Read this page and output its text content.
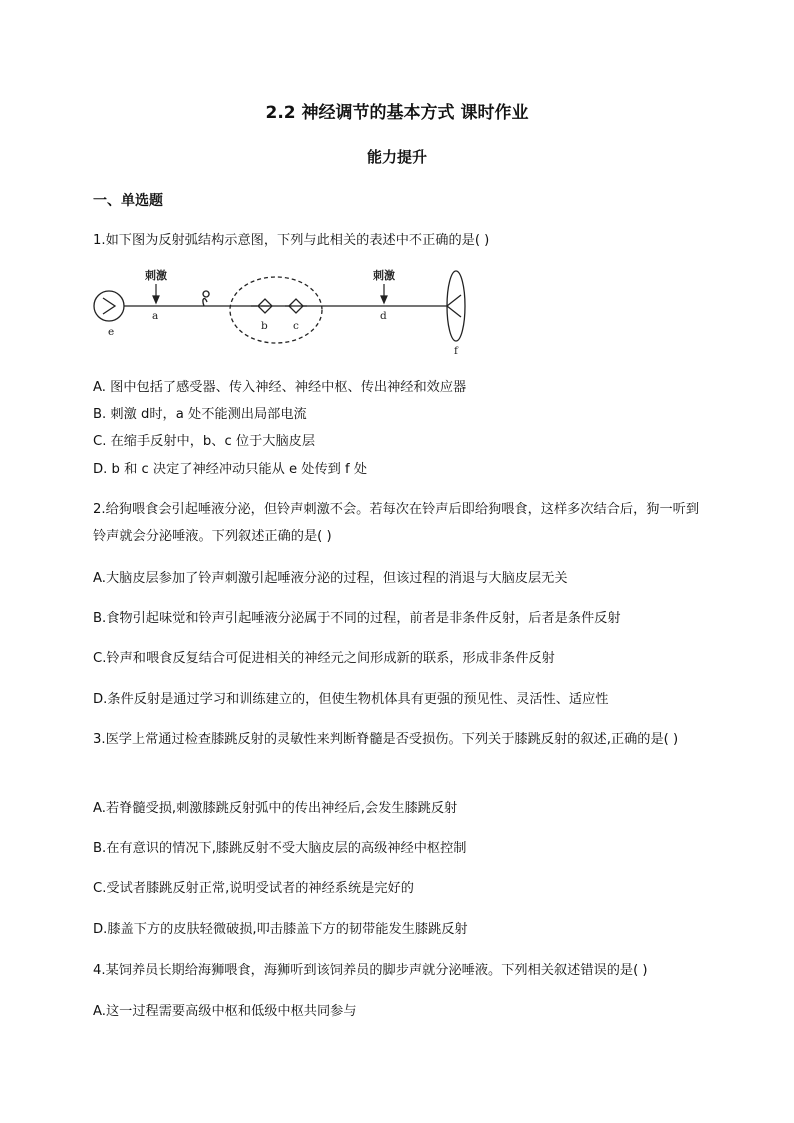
2.2 神经调节的基本方式 课时作业
能力提升
一、单选题
1.如下图为反射弧结构示意图，下列与此相关的表述中不正确的是( )
刺激	刺激
a
b c
d
e
f
A. 图中包括了感受器、传入神经、神经中枢、传出神经和效应器
B. 刺激 d时，a 处不能测出局部电流
C. 在缩手反射中，b、c 位于大脑皮层
D. b 和 c 决定了神经冲动只能从 e 处传到 f 处
2.给狗喂食会引起唾液分泌，但铃声刺激不会。若每次在铃声后即给狗喂食，这样多次结合后，狗一听到铃声就会分泌唾液。下列叙述正确的是( )
A.大脑皮层参加了铃声刺激引起唾液分泌的过程，但该过程的消退与大脑皮层无关
B.食物引起味觉和铃声引起唾液分泌属于不同的过程，前者是非条件反射，后者是条件反射
C.铃声和喂食反复结合可促进相关的神经元之间形成新的联系，形成非条件反射
D.条件反射是通过学习和训练建立的，但使生物机体具有更强的预见性、灵活性、适应性
3.医学上常通过检查膝跳反射的灵敏性来判断脊髓是否受损伤。下列关于膝跳反射的叙述,正确的是( )
A.若脊髓受损,刺激膝跳反射弧中的传出神经后,会发生膝跳反射
B.在有意识的情况下,膝跳反射不受大脑皮层的高级神经中枢控制
C.受试者膝跳反射正常,说明受试者的神经系统是完好的
D.膝盖下方的皮肤轻微破损,叩击膝盖下方的韧带能发生膝跳反射
4.某饲养员长期给海狮喂食，海狮听到该饲养员的脚步声就分泌唾液。下列相关叙述错误的是( )
A.这一过程需要高级中枢和低级中枢共同参与
